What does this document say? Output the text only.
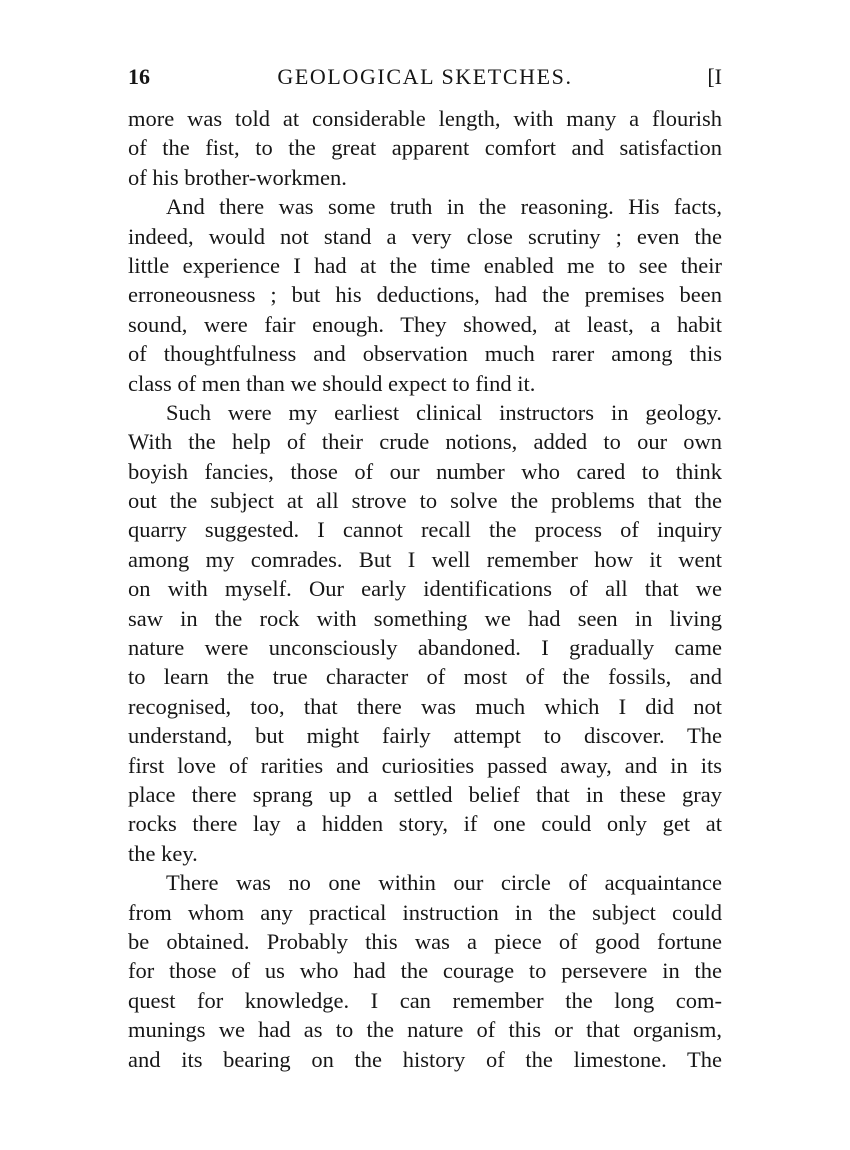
16	GEOLOGICAL SKETCHES.	[I
more was told at considerable length, with many a flourish
of the fist, to the great apparent comfort and satisfaction
of his brother-workmen.
And there was some truth in the reasoning. His facts,
indeed, would not stand a very close scrutiny ; even the
little experience I had at the time enabled me to see their
erroneousness ; but his deductions, had the premises been
sound, were fair enough. They showed, at least, a habit
of thoughtfulness and observation much rarer among this
class of men than we should expect to find it.
Such were my earliest clinical instructors in geology.
With the help of their crude notions, added to our own
boyish fancies, those of our number who cared to think
out the subject at all strove to solve the problems that the
quarry suggested. I cannot recall the process of inquiry
among my comrades. But I well remember how it went
on with myself. Our early identifications of all that we
saw in the rock with something we had seen in living
nature were unconsciously abandoned. I gradually came
to learn the true character of most of the fossils, and
recognised, too, that there was much which I did not
understand, but might fairly attempt to discover. The
first love of rarities and curiosities passed away, and in its
place there sprang up a settled belief that in these gray
rocks there lay a hidden story, if one could only get at
the key.
There was no one within our circle of acquaintance
from whom any practical instruction in the subject could
be obtained. Probably this was a piece of good fortune
for those of us who had the courage to persevere in the
quest for knowledge. I can remember the long com-
munings we had as to the nature of this or that organism,
and its bearing on the history of the limestone. The
